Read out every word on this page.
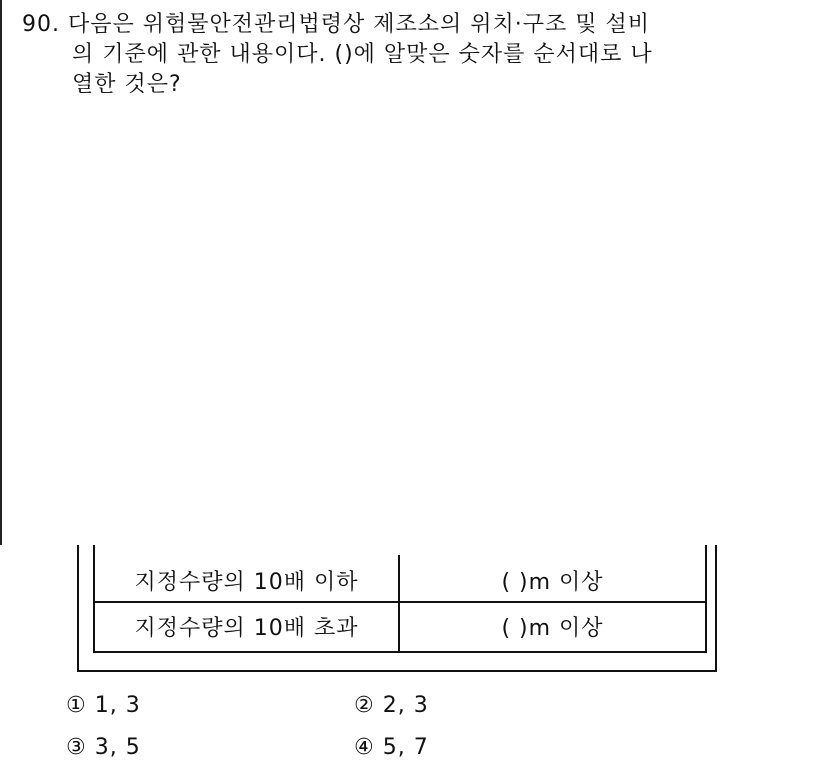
90. 다음은 위험물안전관리법령상 제조소의 위치·구조 및 설비
의 기준에 관한 내용이다. ()에 알맞은 숫자를 순서대로 나
열한 것은?
지정수량의 10배 이하	( )m 이상
지정수량의 10배 초과	( )m 이상
① 1, 3	② 2, 3
③ 3, 5	④ 5, 7
